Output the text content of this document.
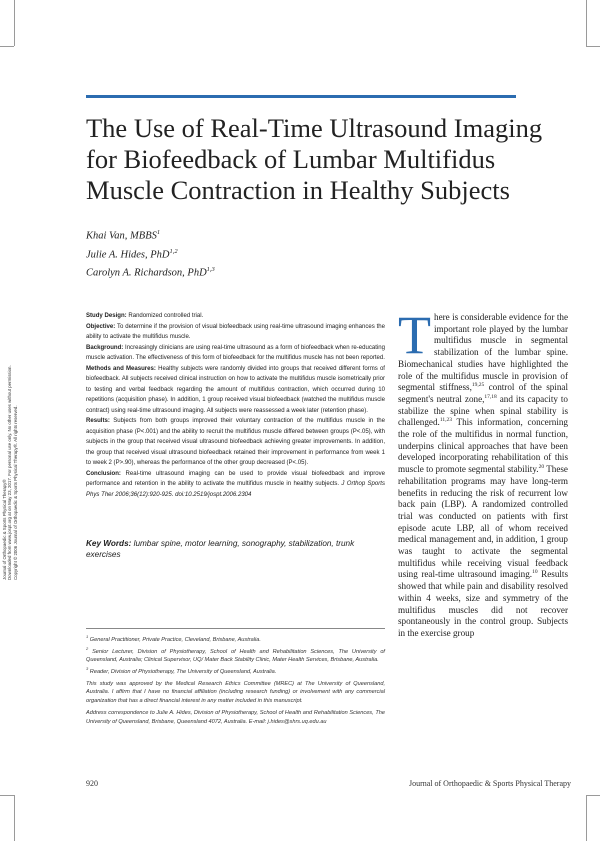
The Use of Real-Time Ultrasound Imaging
for Biofeedback of Lumbar Multifidus
Muscle Contraction in Healthy Subjects
Khai Van, MBBS$^1$
Julie A. Hides, PhD$^{1,2}$
Carolyn A. Richardson, PhD$^{1,3}$

Study Design: Randomized controlled trial.

Objective: To determine if the provision of visual biofeedback using real-time ultrasound imaging enhances the ability to activate the multifidus muscle.

Background: Increasingly clinicians are using real-time ultrasound as a form of biofeedback when re-educating muscle activation. The effectiveness of this form of biofeedback for the multifidus muscle has not been reported.

Methods and Measures: Healthy subjects were randomly divided into groups that received different forms of biofeedback. All subjects received clinical instruction on how to activate the multifidus muscle isometrically prior to testing and verbal feedback regarding the amount of multifidus contraction, which occurred during 10 repetitions (acquisition phase). In addition, 1 group received visual biofeedback (watched the multifidus muscle contract) using real-time ultrasound imaging. All subjects were reassessed a week later (retention phase).

Results: Subjects from both groups improved their voluntary contraction of the multifidus muscle in the acquisition phase (P<.001) and the ability to recruit the multifidus muscle differed between groups (P<.05), with subjects in the group that received visual ultrasound biofeedback achieving greater improvements. In addition, the group that received visual ultrasound biofeedback retained their improvement in performance from week 1 to week 2 (P>.90), whereas the performance of the other group decreased (P<.05).

Conclusion: Real-time ultrasound imaging can be used to provide visual biofeedback and improve performance and retention in the ability to activate the multifidus muscle in healthy subjects. J Orthop Sports Phys Ther 2006;36(12):920-925. doi:10.2519/jospt.2006.2304

Key Words: lumbar spine, motor learning, sonography, stabilization, trunk exercises

$^1$ General Practitioner, Private Practice, Cleveland, Brisbane, Australia.

$^2$ Senior Lecturer, Division of Physiotherapy, School of Health and Rehabilitation Sciences, The University of Queensland, Australia; Clinical Supervisor, UQ/ Mater Back Stability Clinic, Mater Health Services, Brisbane, Australia.

$^3$ Reader, Division of Physiotherapy, The University of Queensland, Australia.

This study was approved by the Medical Research Ethics Committee (MREC) at The University of Queensland, Australia. I affirm that I have no financial affiliation (including research funding) or involvement with any commercial organization that has a direct financial interest in any matter included in this manuscript.

Address correspondence to Julie A. Hides, Division of Physiotherapy, School of Health and Rehabilitation Sciences, The University of Queensland, Brisbane, Queensland 4072, Australia. E-mail: j.hides@shrs.uq.edu.au

There is considerable evidence for the important role played by the lumbar multifidus muscle in segmental stabilization of the lumbar spine. Biomechanical studies have highlighted the role of the multifidus muscle in provision of segmental stiffness,$^{19,25}$ control of the spinal segment's neutral zone,$^{17,18}$ and its capacity to stabilize the spine when spinal stability is challenged.$^{11,23}$ This information, concerning the role of the multifidus in normal function, underpins clinical approaches that have been developed incorporating rehabilitation of this muscle to promote segmental stability.$^{20}$ These rehabilitation programs may have long-term benefits in reducing the risk of recurrent low back pain (LBP). A randomized controlled trial was conducted on patients with first episode acute LBP, all of whom received medical management and, in addition, 1 group was taught to activate the segmental multifidus while receiving visual feedback using real-time ultrasound imaging.$^{10}$ Results showed that while pain and disability resolved within 4 weeks, size and symmetry of the multifidus muscles did not recover spontaneously in the control group. Subjects in the exercise group
920	Journal of Orthopaedic & Sports Physical Therapy
Journal of Orthopaedic & Sports Physical Therapy® Downloaded from www.jospt.org at on May 23, 2017. For personal use only. No other uses without permission. Copyright © 2006 Journal of Orthopaedic & Sports Physical Therapy®. All rights reserved.
